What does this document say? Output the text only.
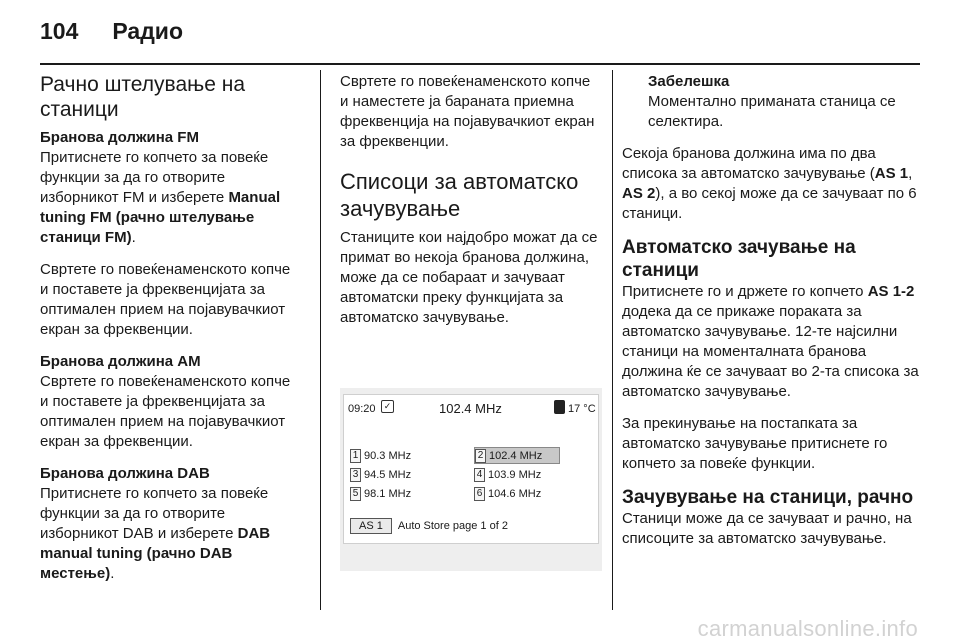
104 Радио
Рачно штелување на станици
Бранова должина FM

Притиснете го копчето за повеќе функции за да го отворите изборникот FM и изберете Manual tuning FM (рачно штелување станици FM).

Свртете го повеќенаменскoто копче и поставете ја фреквенцијата за оптимален прием на појавувачкиот екран за фреквенции.

Бранова должина AM

Свртете го повеќенаменскoто копче и поставете ја фреквенцијата за оптимален прием на појавувачкиот екран за фреквенции.

Бранова должина DAB

Притиснете го копчето за повеќе функции за да го отворите изборникот DAB и изберете DAB manual tuning (рачно DAB местење).

Свртете го повеќенаменскoто копче и наместете ја бараната приемна фреквенција на појавувачкиот екран за фреквенции.

Списоци за автоматско зачувување

Станиците кои најдобро можат да се примат во некоја бранова должина, може да се побараат и зачуваат автоматски преку функцијата за автоматско зачувување.

09:20 ✓	102.4 MHz	17 °C
1 90.3 MHz	2 102.4 MHz
3 94.5 MHz	4 103.9 MHz
5 98.1 MHz	6 104.6 MHz
AS 1	Auto Store page 1 of 2
Забелешка

Моментално приманата станица се селектира.

Секоја бранова должина има по два списока за автоматско зачувување (AS 1, AS 2), а во секој може да се зачуваат по 6 станици.

Автоматско зачување на станици

Притиснете го и држете го копчето AS 1-2 додека да се прикаже пораката за автоматско зачувување. 12-те најсилни станици на моменталната бранова должина ќе се зачуваат во 2-та списока за автоматско зачувување.

За прекинување на постапката за автоматско зачувување притиснете го копчето за повеќе функции.

Зачувување на станици, рачно

Станици може да се зачуваат и рачно, на списоците за автоматско зачувување.

carmanualsonline.info
